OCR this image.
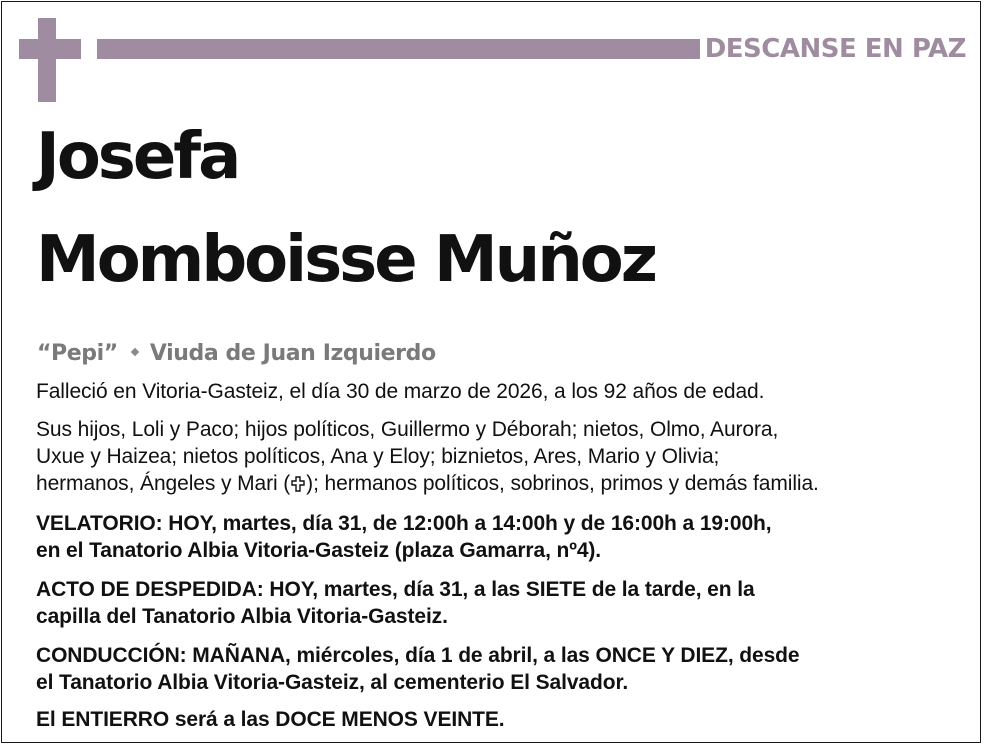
DESCANSE EN PAZ
Josefa
Momboisse Muñoz
“Pepi” Viuda de Juan Izquierdo
Falleció en Vitoria-Gasteiz, el día 30 de marzo de 2026, a los 92 años de edad.
Sus hijos, Loli y Paco; hijos políticos, Guillermo y Déborah; nietos, Olmo, Aurora,
Uxue y Haizea; nietos políticos, Ana y Eloy; biznietos, Ares, Mario y Olivia;
hermanos, Ángeles y Mari ( ); hermanos políticos, sobrinos, primos y demás familia.
VELATORIO: HOY, martes, día 31, de 12:00h a 14:00h y de 16:00h a 19:00h,
en el Tanatorio Albia Vitoria-Gasteiz (plaza Gamarra, nº4).
ACTO DE DESPEDIDA: HOY, martes, día 31, a las SIETE de la tarde, en la
capilla del Tanatorio Albia Vitoria-Gasteiz.
CONDUCCIÓN: MAÑANA, miércoles, día 1 de abril, a las ONCE Y DIEZ, desde
el Tanatorio Albia Vitoria-Gasteiz, al cementerio El Salvador.
El ENTIERRO será a las DOCE MENOS VEINTE.
